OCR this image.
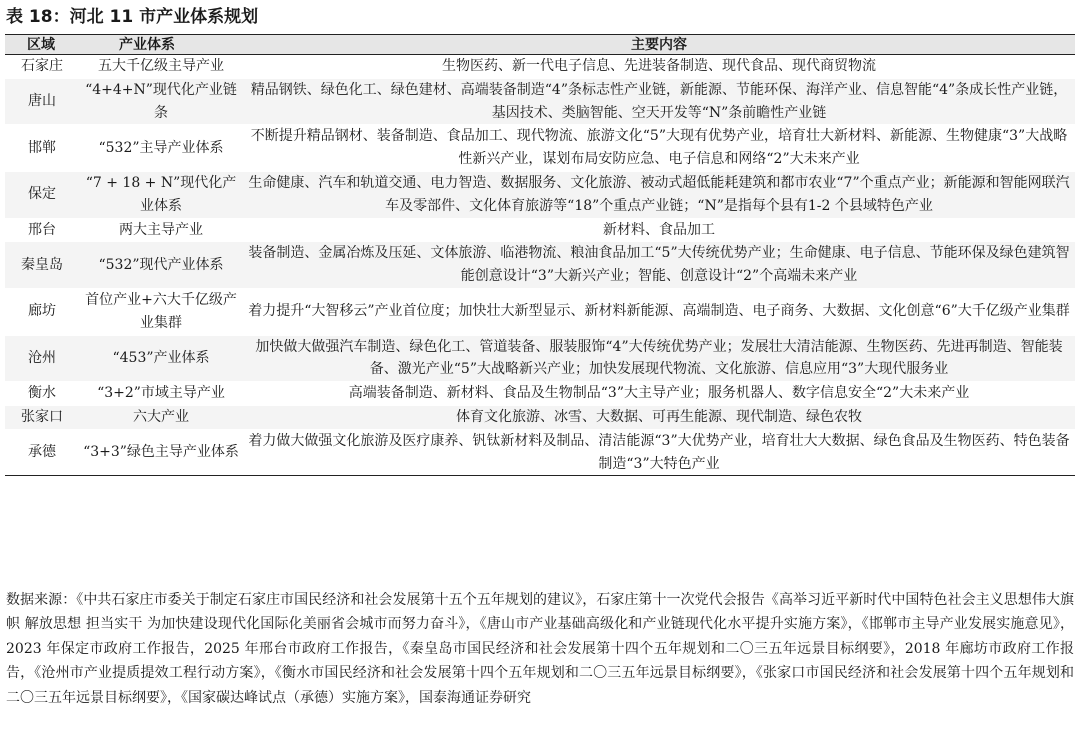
表 18：河北 11 市产业体系规划
区域	产业体系	主要内容
石家庄	五大千亿级主导产业	生物医药、新一代电子信息、先进装备制造、现代食品、现代商贸物流
唐山	“4+4+N”现代化产业链条	精品钢铁、绿色化工、绿色建材、高端装备制造“4”条标志性产业链，新能源、节能环保、海洋产业、信息智能“4”条成长性产业链，基因技术、类脑智能、空天开发等“N”条前瞻性产业链
邯郸	“532”主导产业体系	不断提升精品钢材、装备制造、食品加工、现代物流、旅游文化“5”大现有优势产业，培育壮大新材料、新能源、生物健康“3”大战略性新兴产业，谋划布局安防应急、电子信息和网络“2”大未来产业
保定	“7 + 18 + N”现代化产业体系	生命健康、汽车和轨道交通、电力智造、数据服务、文化旅游、被动式超低能耗建筑和都市农业“7”个重点产业；新能源和智能网联汽车及零部件、文化体育旅游等“18”个重点产业链；“N”是指每个县有1-2 个县域特色产业
邢台	两大主导产业	新材料、食品加工
秦皇岛	“532”现代产业体系	装备制造、金属冶炼及压延、文体旅游、临港物流、粮油食品加工“5”大传统优势产业；生命健康、电子信息、节能环保及绿色建筑智能创意设计“3”大新兴产业；智能、创意设计“2”个高端未来产业
廊坊	首位产业+六大千亿级产业集群	着力提升“大智移云”产业首位度；加快壮大新型显示、新材料新能源、高端制造、电子商务、大数据、文化创意“6”大千亿级产业集群
沧州	“453”产业体系	加快做大做强汽车制造、绿色化工、管道装备、服装服饰“4”大传统优势产业；发展壮大清洁能源、生物医药、先进再制造、智能装备、激光产业“5”大战略新兴产业；加快发展现代物流、文化旅游、信息应用“3”大现代服务业
衡水	“3+2”市域主导产业	高端装备制造、新材料、食品及生物制品“3”大主导产业；服务机器人、数字信息安全“2”大未来产业
张家口	六大产业	体育文化旅游、冰雪、大数据、可再生能源、现代制造、绿色农牧
承德	“3+3”绿色主导产业体系	着力做大做强文化旅游及医疗康养、钒钛新材料及制品、清洁能源“3”大优势产业，培育壮大大数据、绿色食品及生物医药、特色装备制造“3”大特色产业
数据来源：《中共石家庄市委关于制定石家庄市国民经济和社会发展第十五个五年规划的建议》，石家庄第十一次党代会报告《高举习近平新时代中国特色社会主义思想伟大旗帜 解放思想 担当实干 为加快建设现代化国际化美丽省会城市而努力奋斗》，《唐山市产业基础高级化和产业链现代化水平提升实施方案》，《邯郸市主导产业发展实施意见》，2023 年保定市政府工作报告，2025 年邢台市政府工作报告，《秦皇岛市国民经济和社会发展第十四个五年规划和二〇三五年远景目标纲要》，2018 年廊坊市政府工作报告，《沧州市产业提质提效工程行动方案》，《衡水市国民经济和社会发展第十四个五年规划和二〇三五年远景目标纲要》，《张家口市国民经济和社会发展第十四个五年规划和二〇三五年远景目标纲要》，《国家碳达峰试点（承德）实施方案》，国泰海通证券研究
